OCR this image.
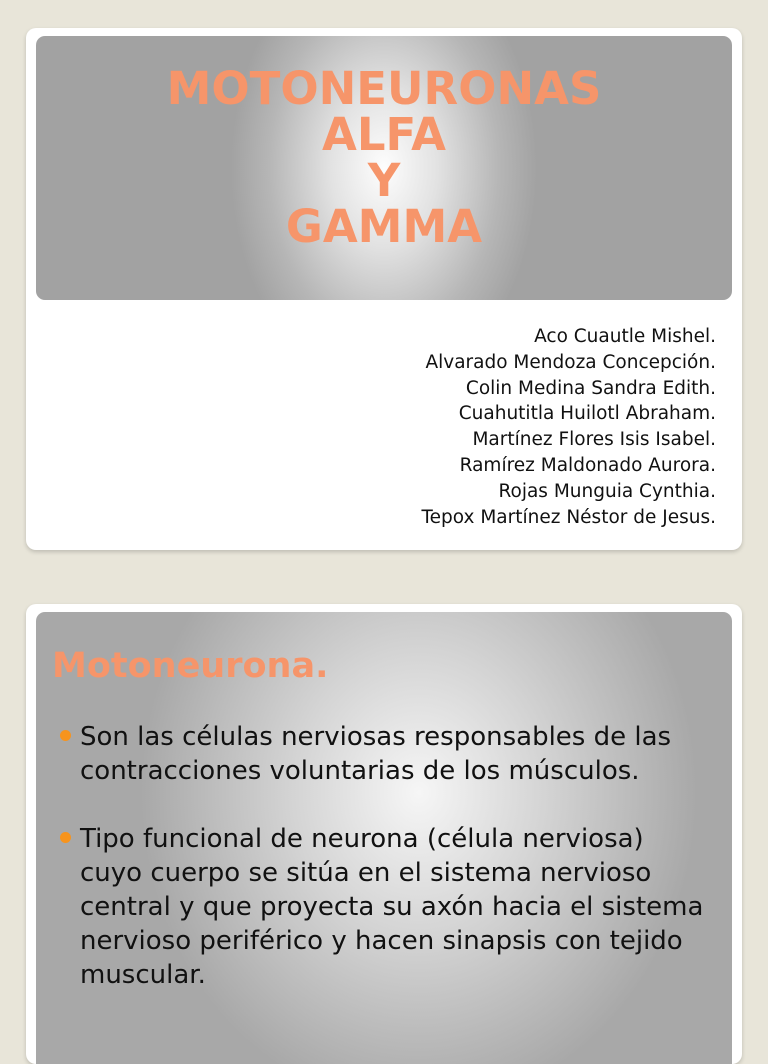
MOTONEURONAS
ALFA
Y
GAMMA
Aco Cuautle Mishel.
Alvarado Mendoza Concepción.
Colin Medina Sandra Edith.
Cuahutitla Huilotl Abraham.
Martínez Flores Isis Isabel.
Ramírez Maldonado Aurora.
Rojas Munguia Cynthia.
Tepox Martínez Néstor de Jesus.
Motoneurona.
Son las células nerviosas responsables de las contracciones voluntarias de los músculos.
Tipo funcional de neurona (célula nerviosa) cuyo cuerpo se sitúa en el sistema nervioso central y que proyecta su axón hacia el sistema nervioso periférico y hacen sinapsis con tejido muscular.
